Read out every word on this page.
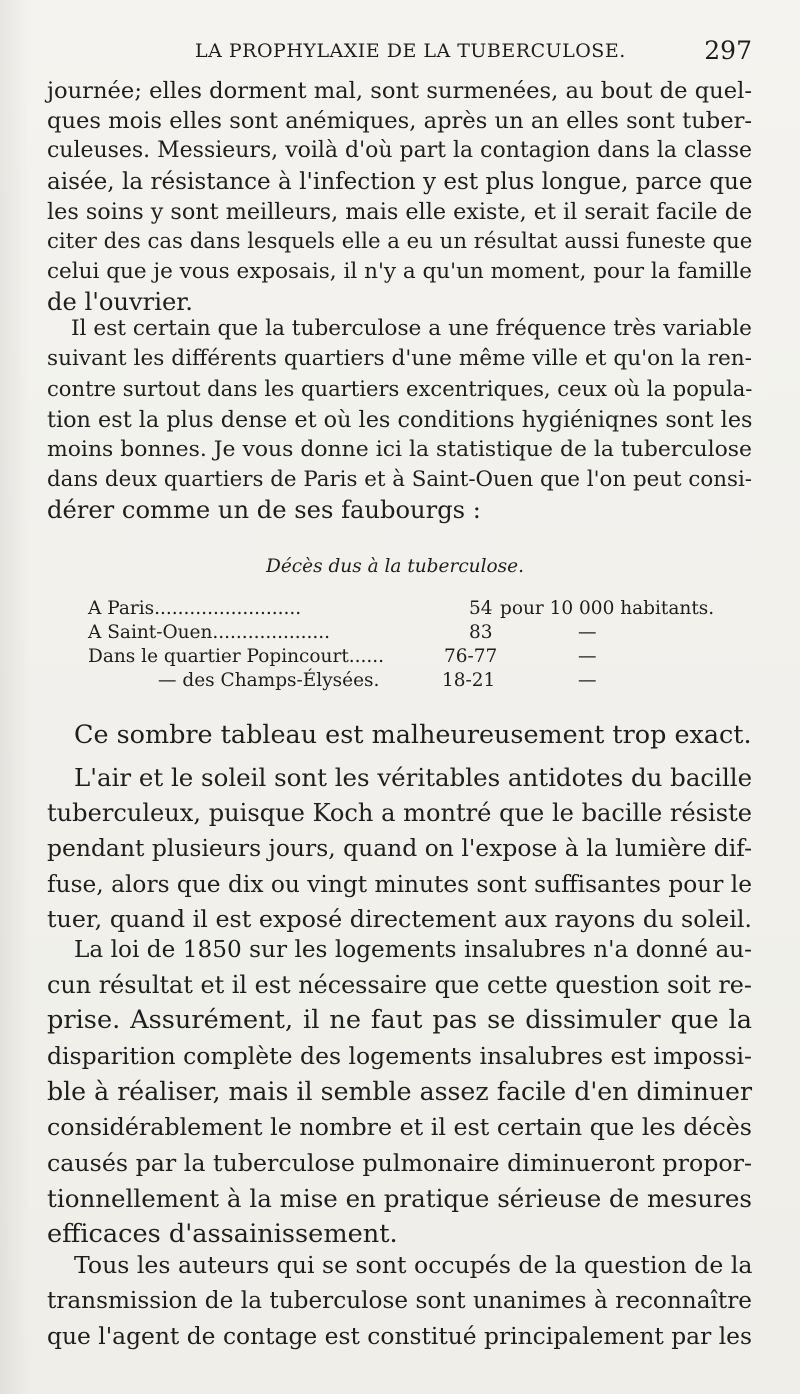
LA PROPHYLAXIE DE LA TUBERCULOSE.	297
journée; elles dorment mal, sont surmenées, au bout de quel-
ques mois elles sont anémiques, après un an elles sont tuber-
culeuses. Messieurs, voilà d'où part la contagion dans la classe
aisée, la résistance à l'infection y est plus longue, parce que
les soins y sont meilleurs, mais elle existe, et il serait facile de
citer des cas dans lesquels elle a eu un résultat aussi funeste que
celui que je vous exposais, il n'y a qu'un moment, pour la famille
de l'ouvrier.
Il est certain que la tuberculose a une fréquence très variable
suivant les différents quartiers d'une même ville et qu'on la ren-
contre surtout dans les quartiers excentriques, ceux où la popula-
tion est la plus dense et où les conditions hygiéniqnes sont les
moins bonnes. Je vous donne ici la statistique de la tuberculose
dans deux quartiers de Paris et à Saint-Ouen que l'on peut consi-
dérer comme un de ses faubourgs :
Décès dus à la tuberculose.
A Paris.........................	54 pour 10 000 habitants.
A Saint-Ouen....................	83	—
Dans le quartier Popincourt......	76-77	—
— des Champs-Élysées.	18-21	—
Ce sombre tableau est malheureusement trop exact.
L'air et le soleil sont les véritables antidotes du bacille
tuberculeux, puisque Koch a montré que le bacille résiste
pendant plusieurs jours, quand on l'expose à la lumière dif-
fuse, alors que dix ou vingt minutes sont suffisantes pour le
tuer, quand il est exposé directement aux rayons du soleil.
La loi de 1850 sur les logements insalubres n'a donné au-
cun résultat et il est nécessaire que cette question soit re-
prise. Assurément, il ne faut pas se dissimuler que la
disparition complète des logements insalubres est impossi-
ble à réaliser, mais il semble assez facile d'en diminuer
considérablement le nombre et il est certain que les décès
causés par la tuberculose pulmonaire diminueront propor-
tionnellement à la mise en pratique sérieuse de mesures
efficaces d'assainissement.
Tous les auteurs qui se sont occupés de la question de la
transmission de la tuberculose sont unanimes à reconnaître
que l'agent de contage est constitué principalement par les
